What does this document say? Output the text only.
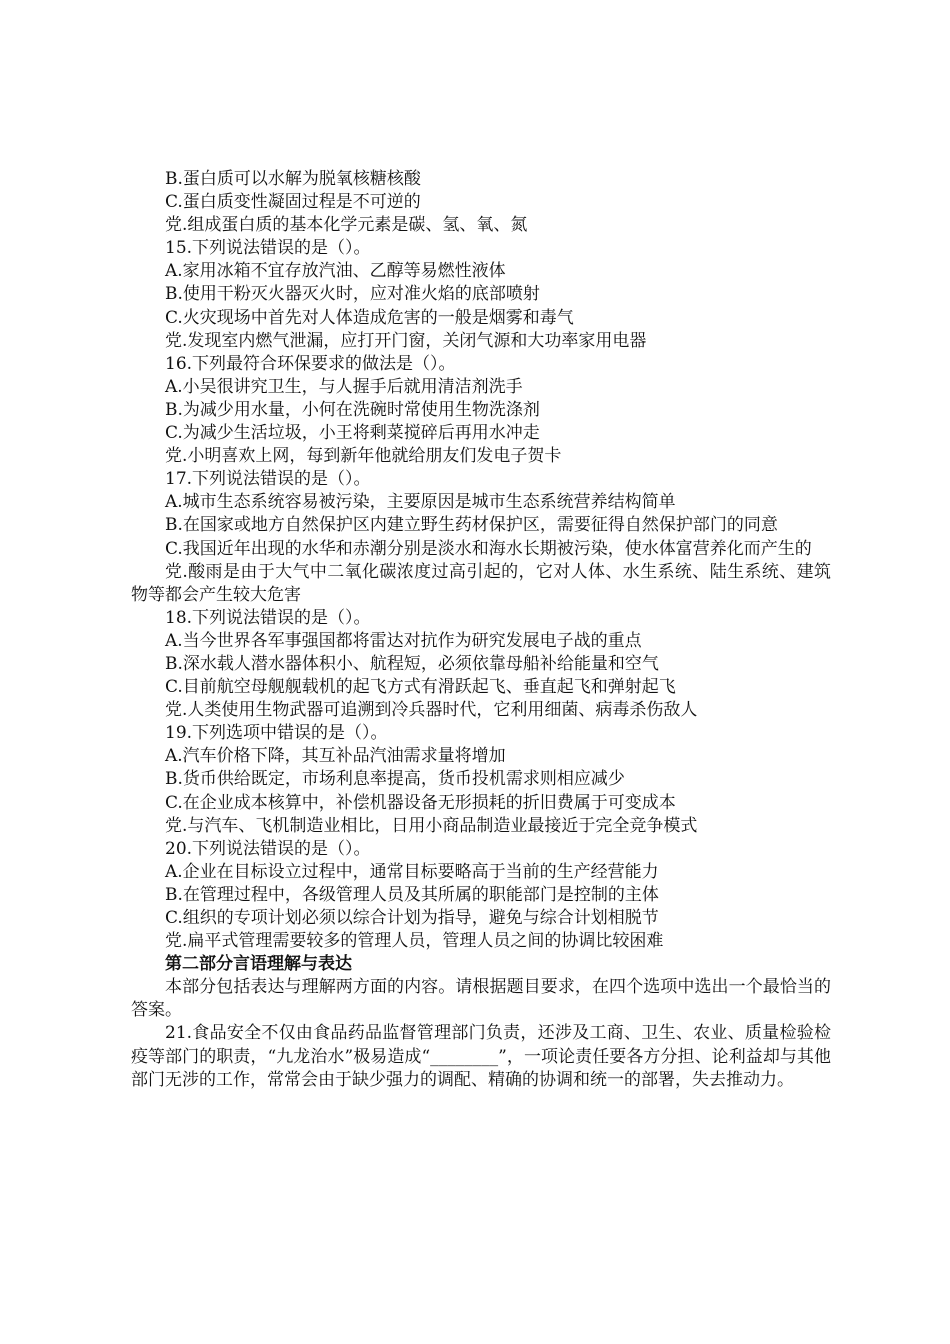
B.蛋白质可以水解为脱氧核糖核酸

C.蛋白质变性凝固过程是不可逆的

党.组成蛋白质的基本化学元素是碳、氢、氧、氮

15.下列说法错误的是（）。

A.家用冰箱不宜存放汽油、乙醇等易燃性液体

B.使用干粉灭火器灭火时，应对准火焰的底部喷射

C.火灾现场中首先对人体造成危害的一般是烟雾和毒气

党.发现室内燃气泄漏，应打开门窗，关闭气源和大功率家用电器

16.下列最符合环保要求的做法是（）。

A.小吴很讲究卫生，与人握手后就用清洁剂洗手

B.为减少用水量，小何在洗碗时常使用生物洗涤剂

C.为减少生活垃圾，小王将剩菜搅碎后再用水冲走

党.小明喜欢上网，每到新年他就给朋友们发电子贺卡

17.下列说法错误的是（）。

A.城市生态系统容易被污染，主要原因是城市生态系统营养结构简单

B.在国家或地方自然保护区内建立野生药材保护区，需要征得自然保护部门的同意

C.我国近年出现的水华和赤潮分别是淡水和海水长期被污染，使水体富营养化而产生的

党.酸雨是由于大气中二氧化碳浓度过高引起的，它对人体、水生系统、陆生系统、建筑物等都会产生较大危害

18.下列说法错误的是（）。

A.当今世界各军事强国都将雷达对抗作为研究发展电子战的重点

B.深水载人潜水器体积小、航程短，必须依靠母船补给能量和空气

C.目前航空母舰舰载机的起飞方式有滑跃起飞、垂直起飞和弹射起飞

党.人类使用生物武器可追溯到冷兵器时代，它利用细菌、病毒杀伤敌人

19.下列选项中错误的是（）。

A.汽车价格下降，其互补品汽油需求量将增加

B.货币供给既定，市场利息率提高，货币投机需求则相应减少

C.在企业成本核算中，补偿机器设备无形损耗的折旧费属于可变成本

党.与汽车、飞机制造业相比，日用小商品制造业最接近于完全竞争模式

20.下列说法错误的是（）。

A.企业在目标设立过程中，通常目标要略高于当前的生产经营能力

B.在管理过程中，各级管理人员及其所属的职能部门是控制的主体

C.组织的专项计划必须以综合计划为指导，避免与综合计划相脱节

党.扁平式管理需要较多的管理人员，管理人员之间的协调比较困难

第二部分言语理解与表达

本部分包括表达与理解两方面的内容。请根据题目要求，在四个选项中选出一个最恰当的答案。

21.食品安全不仅由食品药品监督管理部门负责，还涉及工商、卫生、农业、质量检验检疫等部门的职责，“九龙治水”极易造成“________”，一项论责任要各方分担、论利益却与其他部门无涉的工作，常常会由于缺少强力的调配、精确的协调和统一的部署，失去推动力。
